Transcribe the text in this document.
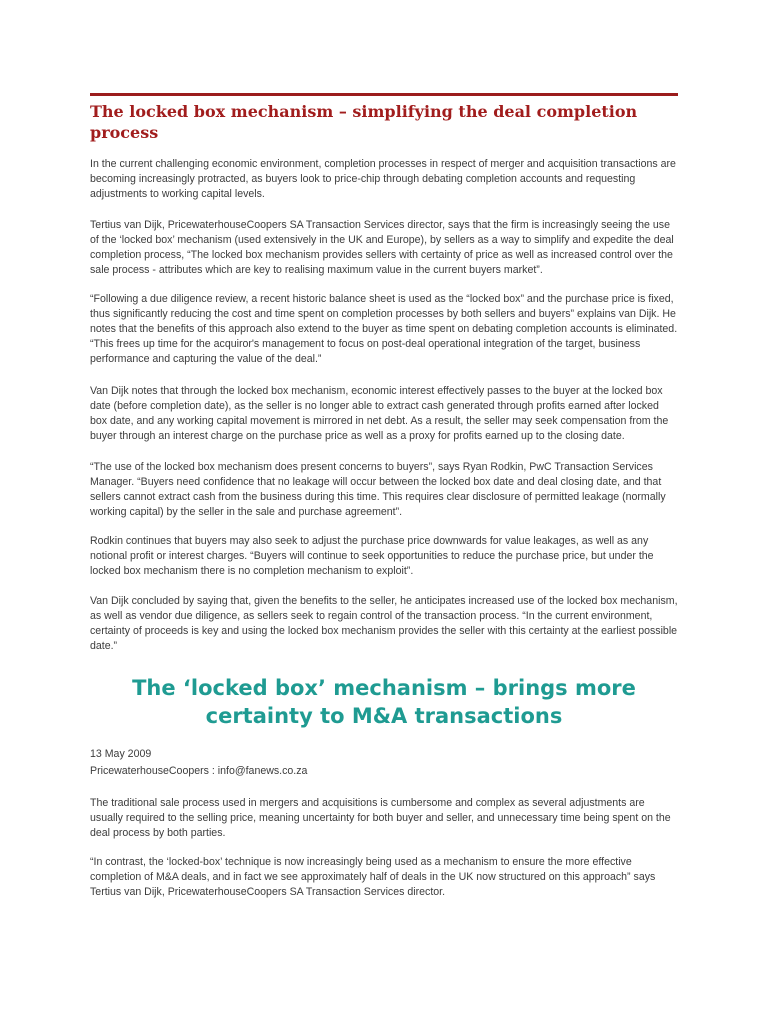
The locked box mechanism – simplifying the deal completion process

In the current challenging economic environment, completion processes in respect of merger and acquisition transactions are becoming increasingly protracted, as buyers look to price-chip through debating completion accounts and requesting adjustments to working capital levels.

Tertius van Dijk, PricewaterhouseCoopers SA Transaction Services director, says that the firm is increasingly seeing the use of the ‘locked box’ mechanism (used extensively in the UK and Europe), by sellers as a way to simplify and expedite the deal completion process, “The locked box mechanism provides sellers with certainty of price as well as increased control over the sale process - attributes which are key to realising maximum value in the current buyers market”.

“Following a due diligence review, a recent historic balance sheet is used as the “locked box” and the purchase price is fixed, thus significantly reducing the cost and time spent on completion processes by both sellers and buyers” explains van Dijk. He notes that the benefits of this approach also extend to the buyer as time spent on debating completion accounts is eliminated. “This frees up time for the acquiror's management to focus on post-deal operational integration of the target, business performance and capturing the value of the deal.”

Van Dijk notes that through the locked box mechanism, economic interest effectively passes to the buyer at the locked box date (before completion date), as the seller is no longer able to extract cash generated through profits earned after locked box date, and any working capital movement is mirrored in net debt. As a result, the seller may seek compensation from the buyer through an interest charge on the purchase price as well as a proxy for profits earned up to the closing date.

“The use of the locked box mechanism does present concerns to buyers”, says Ryan Rodkin, PwC Transaction Services Manager. “Buyers need confidence that no leakage will occur between the locked box date and deal closing date, and that sellers cannot extract cash from the business during this time. This requires clear disclosure of permitted leakage (normally working capital) by the seller in the sale and purchase agreement”.

Rodkin continues that buyers may also seek to adjust the purchase price downwards for value leakages, as well as any notional profit or interest charges. “Buyers will continue to seek opportunities to reduce the purchase price, but under the locked box mechanism there is no completion mechanism to exploit”.

Van Dijk concluded by saying that, given the benefits to the seller, he anticipates increased use of the locked box mechanism, as well as vendor due diligence, as sellers seek to regain control of the transaction process. “In the current environment, certainty of proceeds is key and using the locked box mechanism provides the seller with this certainty at the earliest possible date.”

The ‘locked box’ mechanism – brings more certainty to M&A transactions

13 May 2009

PricewaterhouseCoopers : info@fanews.co.za

The traditional sale process used in mergers and acquisitions is cumbersome and complex as several adjustments are usually required to the selling price, meaning uncertainty for both buyer and seller, and unnecessary time being spent on the deal process by both parties.

“In contrast, the ‘locked-box’ technique is now increasingly being used as a mechanism to ensure the more effective completion of M&A deals, and in fact we see approximately half of deals in the UK now structured on this approach” says Tertius van Dijk, PricewaterhouseCoopers SA Transaction Services director.
